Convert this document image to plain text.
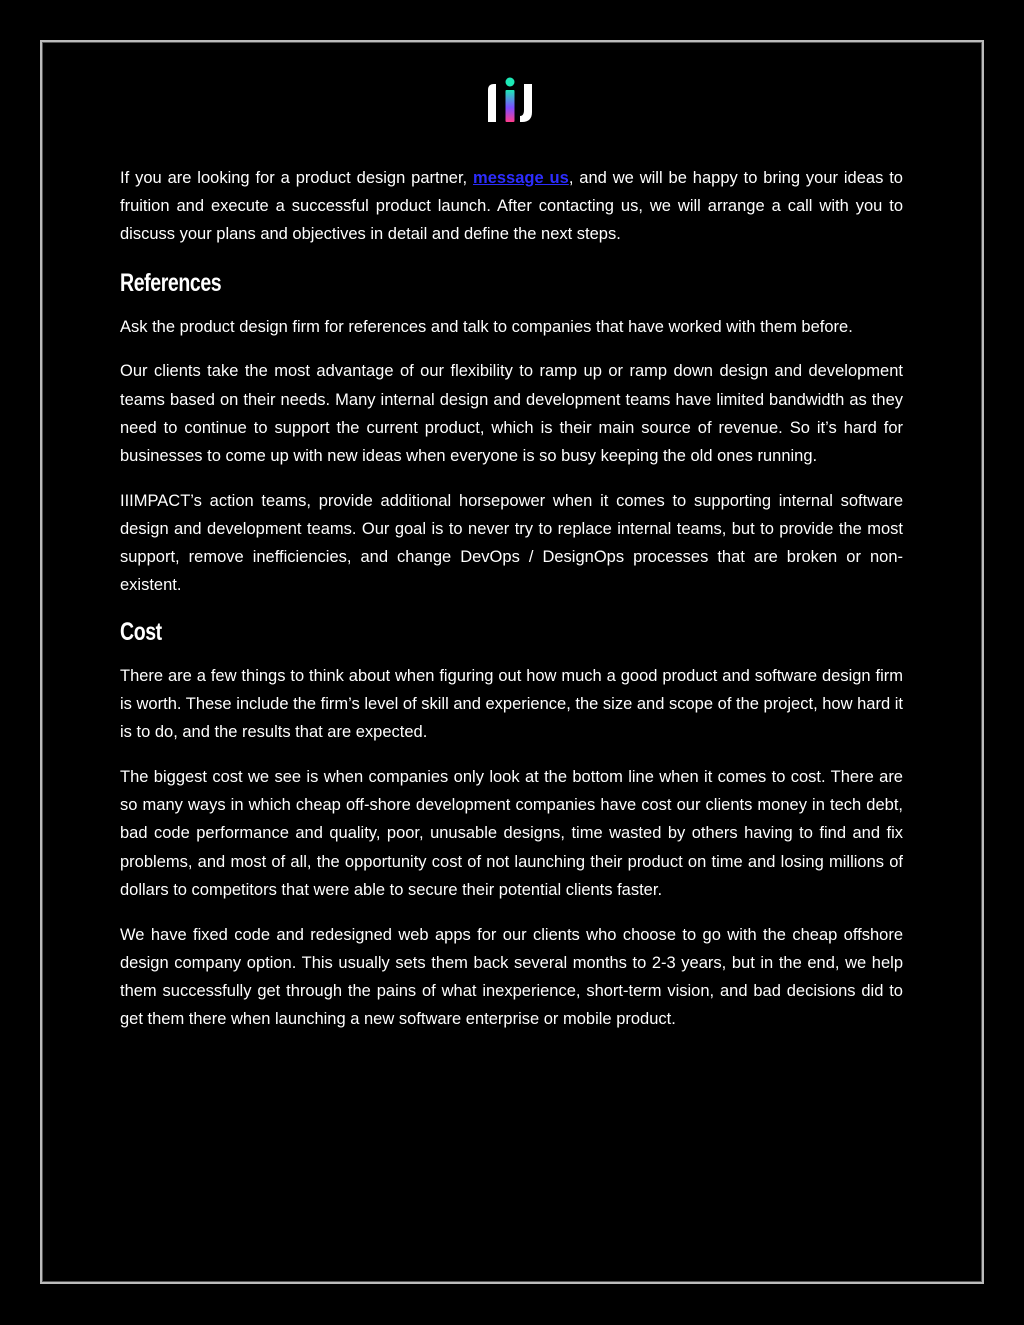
If you are looking for a product design partner, message us, and we will be happy to bring your ideas to fruition and execute a successful product launch. After contacting us, we will arrange a call with you to discuss your plans and objectives in detail and define the next steps.

References

Ask the product design firm for references and talk to companies that have worked with them before.

Our clients take the most advantage of our flexibility to ramp up or ramp down design and development teams based on their needs. Many internal design and development teams have limited bandwidth as they need to continue to support the current product, which is their main source of revenue. So it’s hard for businesses to come up with new ideas when everyone is so busy keeping the old ones running.

IIIMPACT’s action teams, provide additional horsepower when it comes to supporting internal software design and development teams. Our goal is to never try to replace internal teams, but to provide the most support, remove inefficiencies, and change DevOps / DesignOps processes that are broken or non-existent.

Cost

There are a few things to think about when figuring out how much a good product and software design firm is worth. These include the firm’s level of skill and experience, the size and scope of the project, how hard it is to do, and the results that are expected.

The biggest cost we see is when companies only look at the bottom line when it comes to cost. There are so many ways in which cheap off-shore development companies have cost our clients money in tech debt, bad code performance and quality, poor, unusable designs, time wasted by others having to find and fix problems, and most of all, the opportunity cost of not launching their product on time and losing millions of dollars to competitors that were able to secure their potential clients faster.

We have fixed code and redesigned web apps for our clients who choose to go with the cheap offshore design company option. This usually sets them back several months to 2-3 years, but in the end, we help them successfully get through the pains of what inexperience, short-term vision, and bad decisions did to get them there when launching a new software enterprise or mobile product.
